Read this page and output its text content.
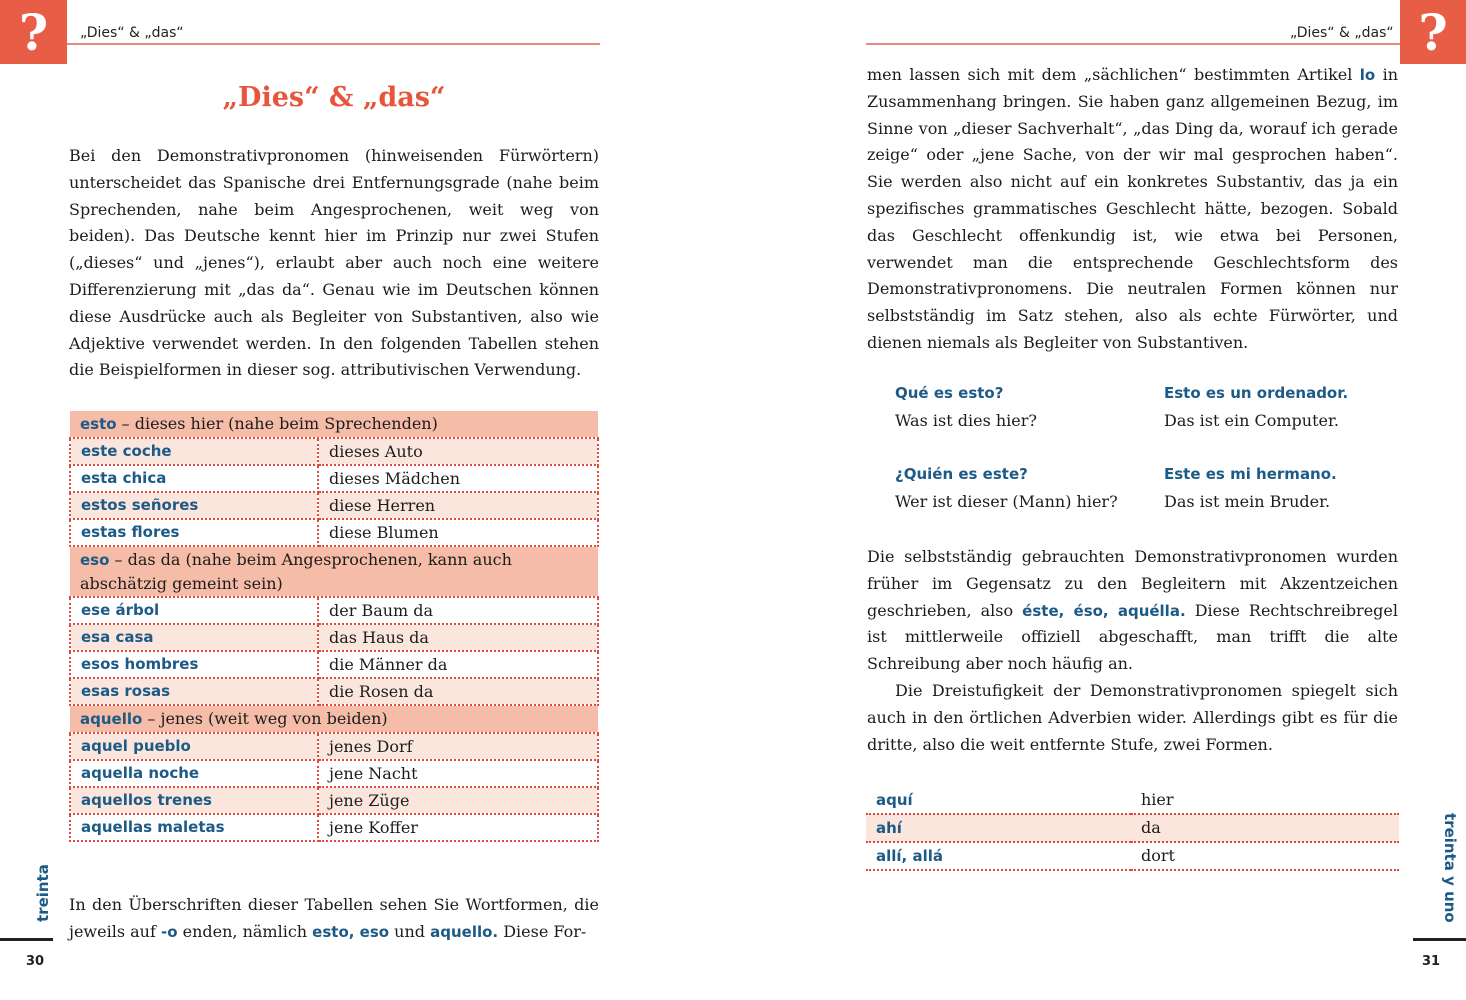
?	„Dies“ & „das“
„Dies“ & „das“

Bei den Demonstrativpronomen (hinweisenden Fürwörtern) unterscheidet das Spanische drei Entfernungsgrade (nahe beim Sprechenden, nahe beim Angesprochenen, weit weg von beiden). Das Deutsche kennt hier im Prinzip nur zwei Stufen („dieses“ und „jenes“), erlaubt aber auch noch eine weitere Differenzierung mit „das da“. Genau wie im Deutschen können diese Ausdrücke auch als Begleiter von Substantiven, also wie Adjektive verwendet werden. In den folgenden Tabellen stehen die Beispielformen in dieser sog. attributivischen Verwendung.

esto – dieses hier (nahe beim Sprechenden)	
este coche	dieses Auto
esta chica	dieses Mädchen
estos señores	diese Herren
estas flores	diese Blumen
eso – das da (nahe beim Angesprochenen, kann auch abschätzig gemeint sein)	
ese árbol	der Baum da
esa casa	das Haus da
esos hombres	die Männer da
esas rosas	die Rosen da
aquello – jenes (weit weg von beiden)	
aquel pueblo	jenes Dorf
aquella noche	jene Nacht
aquellos trenes	jene Züge
aquellas maletas	jene Koffer

In den Überschriften dieser Tabellen sehen Sie Wortformen, die jeweils auf -o enden, nämlich esto, eso und aquello. Diese For-

treinta
30
?
„Dies“ & „das“

men lassen sich mit dem „sächlichen“ bestimmten Artikel lo in Zusammenhang bringen. Sie haben ganz allgemeinen Bezug, im Sinne von „dieser Sachverhalt“, „das Ding da, worauf ich gerade zeige“ oder „jene Sache, von der wir mal gesprochen haben“. Sie werden also nicht auf ein konkretes Substantiv, das ja ein spezifisches grammatisches Geschlecht hätte, bezogen. Sobald das Geschlecht offenkundig ist, wie etwa bei Personen, verwendet man die entsprechende Geschlechtsform des Demonstrativpronomens. Die neutralen Formen können nur selbstständig im Satz stehen, also als echte Fürwörter, und dienen niemals als Begleiter von Substantiven.

Qué es esto?
Was ist dies hier?
Esto es un ordenador.
Das ist ein Computer.
¿Quién es este?
Wer ist dieser (Mann) hier?
Este es mi hermano.
Das ist mein Bruder.

Die selbstständig gebrauchten Demonstrativpronomen wurden früher im Gegensatz zu den Begleitern mit Akzentzeichen geschrieben, also éste, éso, aquélla. Diese Rechtschreibregel ist mittlerweile offiziell abgeschafft, man trifft die alte Schreibung aber noch häufig an.

Die Dreistufigkeit der Demonstrativpronomen spiegelt sich auch in den örtlichen Adverbien wider. Allerdings gibt es für die dritte, also die weit entfernte Stufe, zwei Formen.

aquí	hier
ahí	da
allí, allá	dort	treinta y uno
31
